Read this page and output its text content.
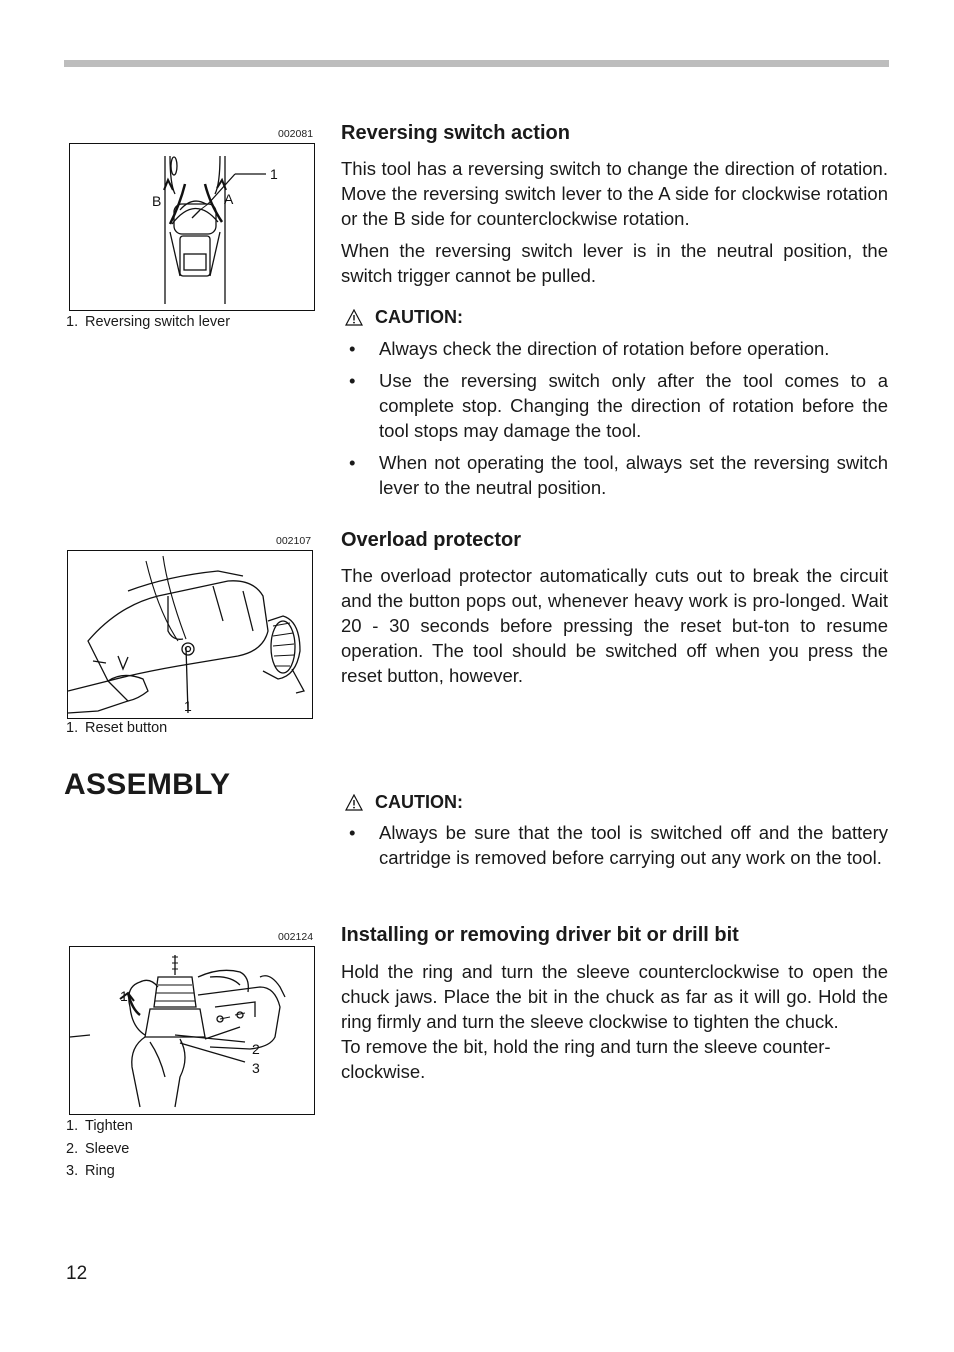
002081
1
A
B
1. Reversing switch lever
Reversing switch action

This tool has a reversing switch to change the direction of rotation. Move the reversing switch lever to the A side for clockwise rotation or the B side for counterclockwise rotation.

When the reversing switch lever is in the neutral position, the switch trigger cannot be pulled.

CAUTION:
• Always check the direction of rotation before operation.
• Use the reversing switch only after the tool comes to a complete stop. Changing the direction of rotation before the tool stops may damage the tool.
• When not operating the tool, always set the reversing switch lever to the neutral position.
002107
1
1. Reset button
Overload protector

The overload protector automatically cuts out to break the circuit and the button pops out, whenever heavy work is pro-longed. Wait 20 - 30 seconds before pressing the reset but-ton to resume operation. The tool should be switched off when you press the reset button, however.

ASSEMBLY
CAUTION:
• Always be sure that the tool is switched off and the battery cartridge is removed before carrying out any work on the tool.
002124
1
2
3
1. Tighten
2. Sleeve
3. Ring
Installing or removing driver bit or drill bit

Hold the ring and turn the sleeve counterclockwise to open the chuck jaws. Place the bit in the chuck as far as it will go. Hold the ring firmly and turn the sleeve clockwise to tighten the chuck.

To remove the bit, hold the ring and turn the sleeve counter-clockwise.

12
